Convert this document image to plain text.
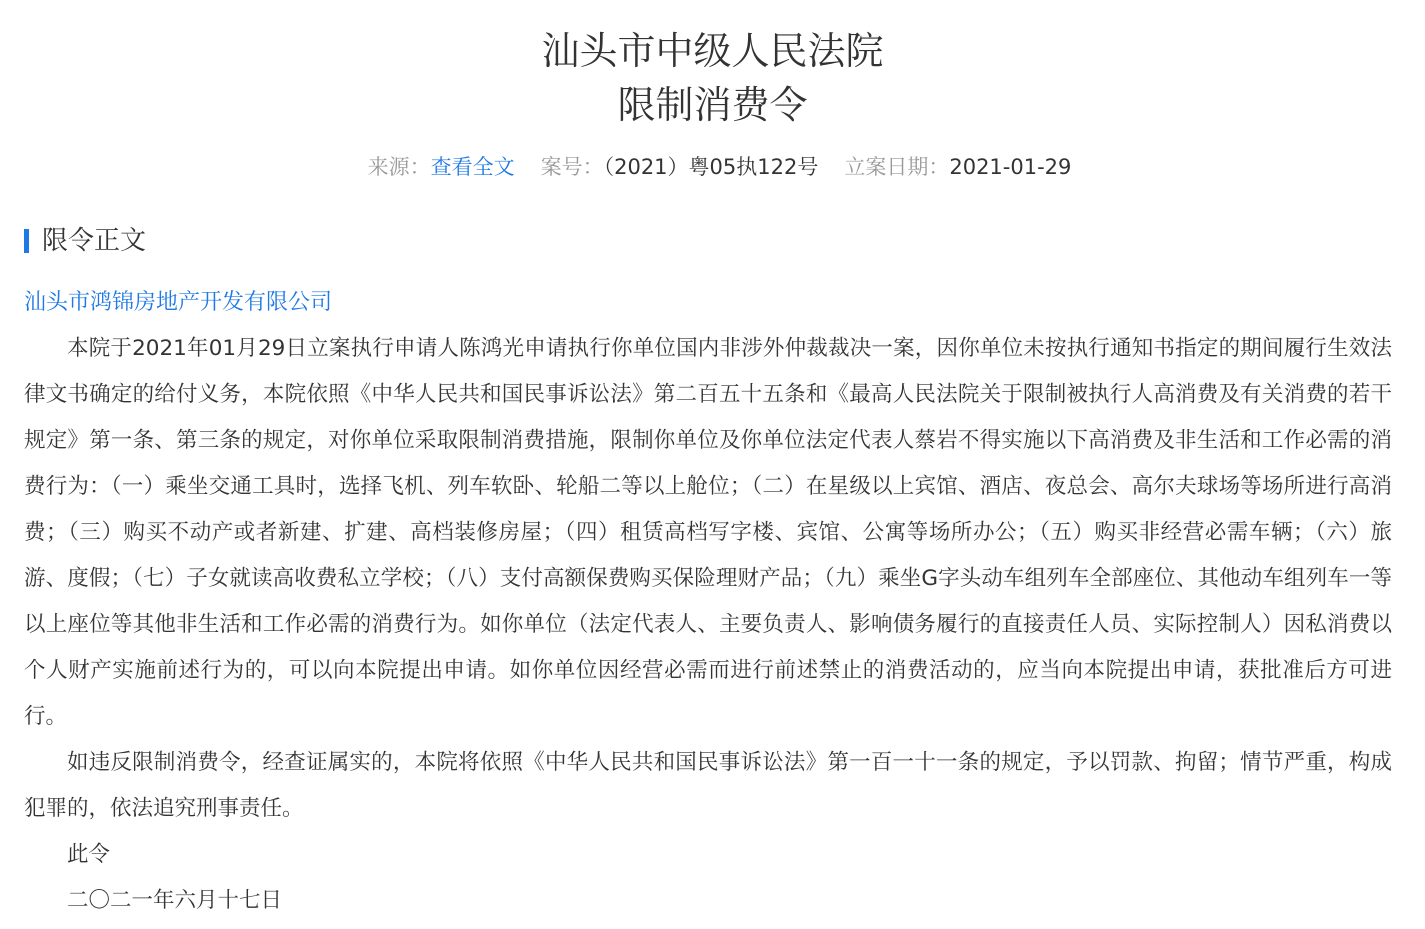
汕头市中级人民法院
限制消费令
来源：查看全文 案号：（2021）粤05执122号 立案日期：2021-01-29
限令正文
汕头市鸿锦房地产开发有限公司

本院于2021年01月29日立案执行申请人陈鸿光申请执行你单位国内非涉外仲裁裁决一案，因你单位未按执行通知书指定的期间履行生效法律文书确定的给付义务，本院依照《中华人民共和国民事诉讼法》第二百五十五条和《最高人民法院关于限制被执行人高消费及有关消费的若干规定》第一条、第三条的规定，对你单位采取限制消费措施，限制你单位及你单位法定代表人蔡岩不得实施以下高消费及非生活和工作必需的消费行为：（一）乘坐交通工具时，选择飞机、列车软卧、轮船二等以上舱位；（二）在星级以上宾馆、酒店、夜总会、高尔夫球场等场所进行高消费；（三）购买不动产或者新建、扩建、高档装修房屋；（四）租赁高档写字楼、宾馆、公寓等场所办公；（五）购买非经营必需车辆；（六）旅游、度假；（七）子女就读高收费私立学校；（八）支付高额保费购买保险理财产品；（九）乘坐G字头动车组列车全部座位、其他动车组列车一等以上座位等其他非生活和工作必需的消费行为。如你单位（法定代表人、主要负责人、影响债务履行的直接责任人员、实际控制人）因私消费以个人财产实施前述行为的，可以向本院提出申请。如你单位因经营必需而进行前述禁止的消费活动的，应当向本院提出申请，获批准后方可进行。

如违反限制消费令，经查证属实的，本院将依照《中华人民共和国民事诉讼法》第一百一十一条的规定，予以罚款、拘留；情节严重，构成犯罪的，依法追究刑事责任。

此令

二〇二一年六月十七日
